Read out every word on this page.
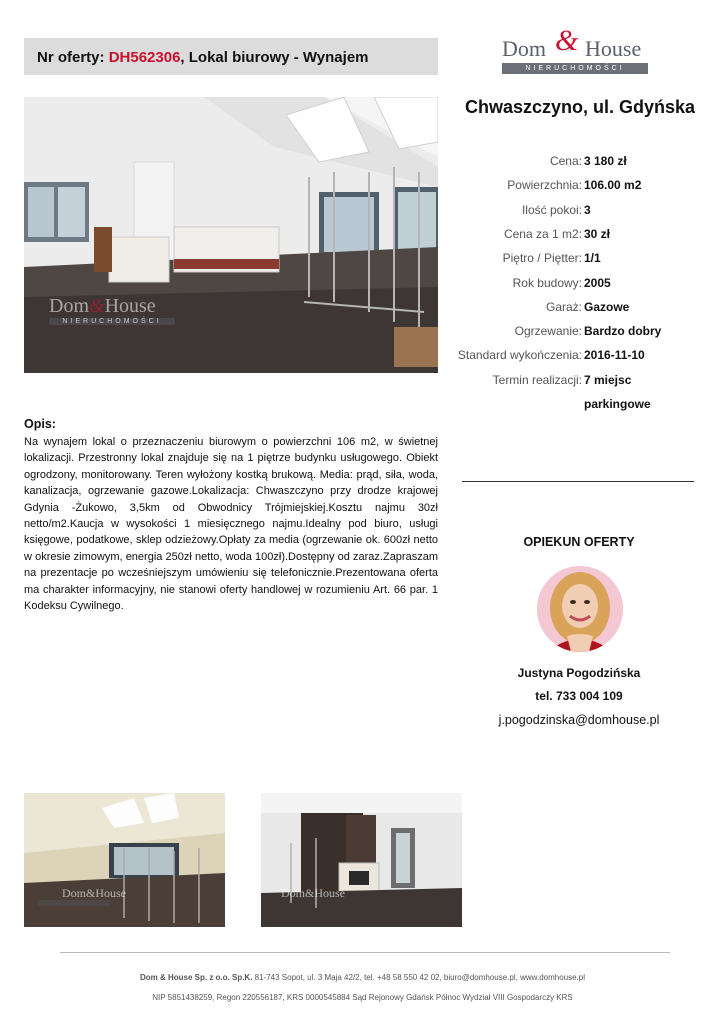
Nr oferty: DH562306, Lokal biurowy - Wynajem	Dom & House
NIERUCHOMOŚCI
Dom&House
NIERUCHOMOŚCI
Chwaszczyno, ul. Gdyńska
Cena: 3 180 zł
Powierzchnia: 106.00 m2
Ilość pokoi: 3
Cena za 1 m2: 30 zł
Piętro / Piętter: 1/1
Rok budowy: 2005
Garaż: Gazowe
Ogrzewanie: Bardzo dobry
Standard wykończenia: 2016-11-10
Termin realizacji: 7 miejsc
parkingowe
Opis:
Na wynajem lokal o przeznaczeniu biurowym o powierzchni 106 m2, w świetnej lokalizacji. Przestronny lokal znajduje się na 1 piętrze budynku usługowego. Obiekt ogrodzony, monitorowany. Teren wyłożony kostką brukową. Media: prąd, siła, woda, kanalizacja, ogrzewanie gazowe.Lokalizacja: Chwaszczyno przy drodze krajowej Gdynia -Żukowo, 3,5km od Obwodnicy Trójmiejskiej.Kosztu najmu 30zł netto/m2.Kaucja w wysokości 1 miesięcznego najmu.Idealny pod biuro, usługi księgowe, podatkowe, sklep odzieżowy.Opłaty za media (ogrzewanie ok. 600zł netto w okresie zimowym, energia 250zł netto, woda 100zł).Dostępny od zaraz.Zapraszam na prezentacje po wcześniejszym umówieniu się telefonicznie.Prezentowana oferta ma charakter informacyjny, nie stanowi oferty handlowej w rozumieniu Art. 66 par. 1 Kodeksu Cywilnego.
OPIEKUN OFERTY
Justyna Pogodzińska
tel. 733 004 109
j.pogodzinska@domhouse.pl
Dom&House	Dom&House
Dom & House Sp. z o.o. Sp.K. 81-743 Sopot, ul. 3 Maja 42/2, tel. +48 58 550 42 02, biuro@domhouse.pl, www.domhouse.pl
NIP 5851438259, Regon 220556187, KRS 0000545884 Sąd Rejonowy Gdańsk Północ Wydział VIII Gospodarczy KRS
